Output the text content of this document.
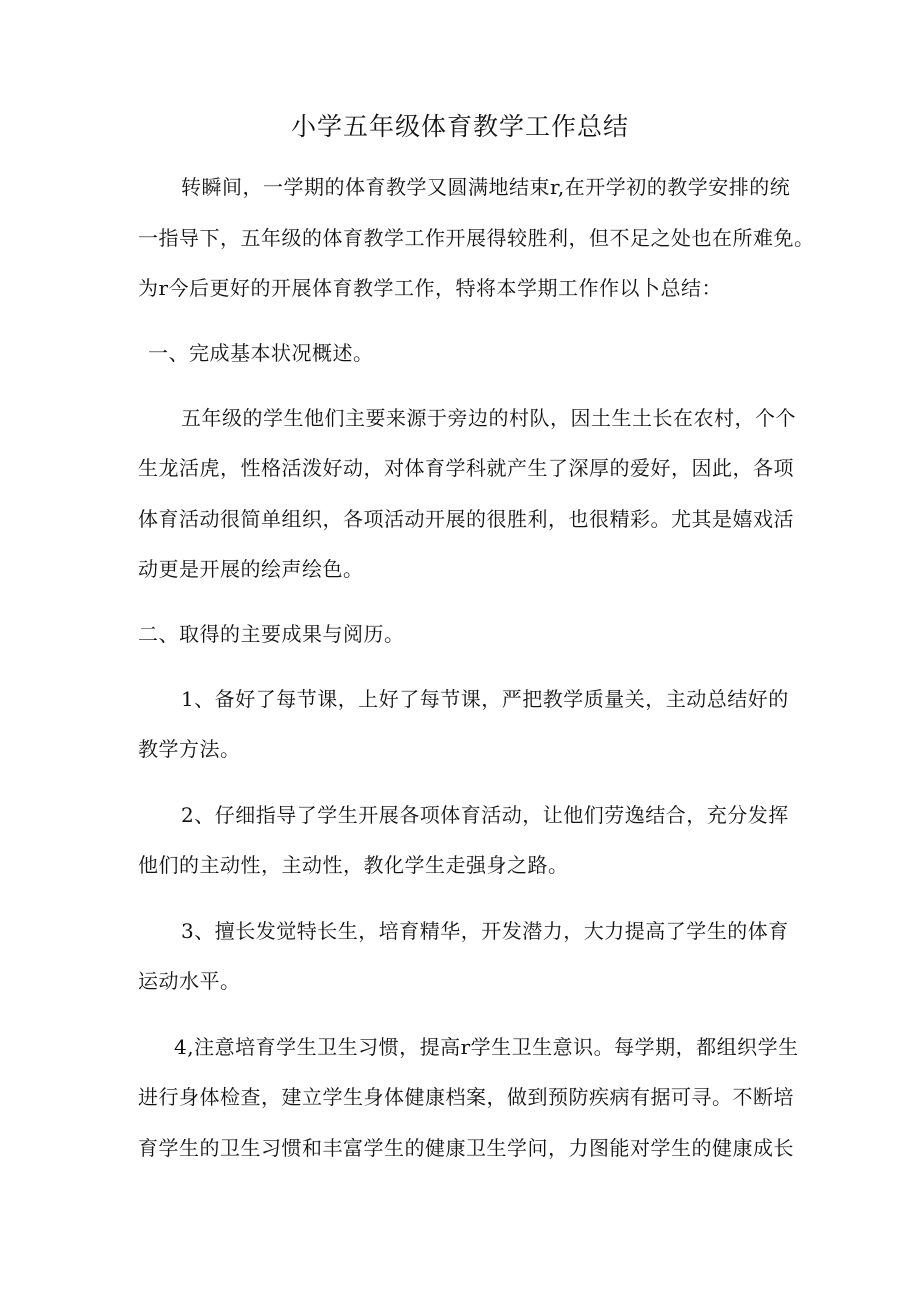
小学五年级体育教学工作总结
转瞬间，一学期的体育教学又圆满地结束r,在开学初的教学安排的统
一指导下，五年级的体育教学工作开展得较胜利，但不足之处也在所难免。
为r今后更好的开展体育教学工作，特将本学期工作作以卜总结：
一、完成基本状况概述。
五年级的学生他们主要来源于旁边的村队，因土生土长在农村，个个
生龙活虎，性格活泼好动，对体育学科就产生了深厚的爱好，因此，各项
体育活动很简单组织，各项活动开展的很胜利，也很精彩。尤其是嬉戏活
动更是开展的绘声绘色。
二、取得的主要成果与阅历。
1、备好了每节课，上好了每节课，严把教学质量关，主动总结好的
教学方法。
2、仔细指导了学生开展各项体育活动，让他们劳逸结合，充分发挥
他们的主动性，主动性，教化学生走强身之路。
3、擅长发觉特长生，培育精华，开发潜力，大力提高了学生的体育
运动水平。
4,注意培育学生卫生习惯，提高r学生卫生意识。每学期，都组织学生
进行身体检查，建立学生身体健康档案，做到预防疾病有据可寻。不断培
育学生的卫生习惯和丰富学生的健康卫生学问，力图能对学生的健康成长
